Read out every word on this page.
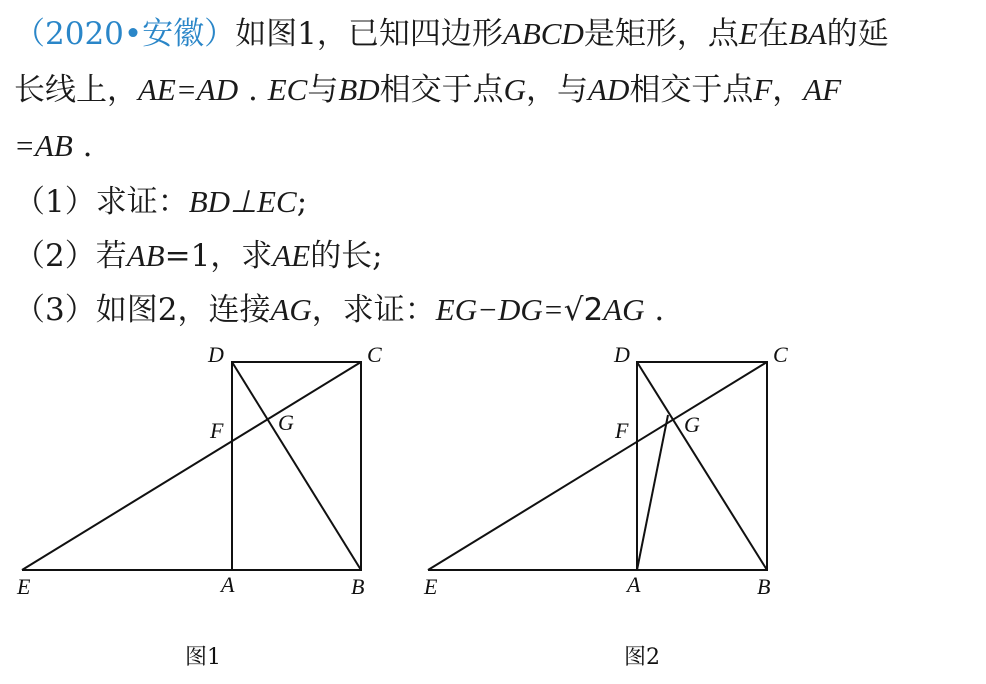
（2020•安徽）如图1，已知四边形ABCD是矩形，点E在BA的延
长线上，AE=AD . EC与BD相交于点G，与AD相交于点F，AF
=AB .
（1）求证：BD⊥EC;
（2）若AB=1，求AE的长;
（3）如图2，连接AG，求证：EG−DG=√2AG .
D	C
F G
E	A	B
图1
D	C
F	G
E	A	B
图2
